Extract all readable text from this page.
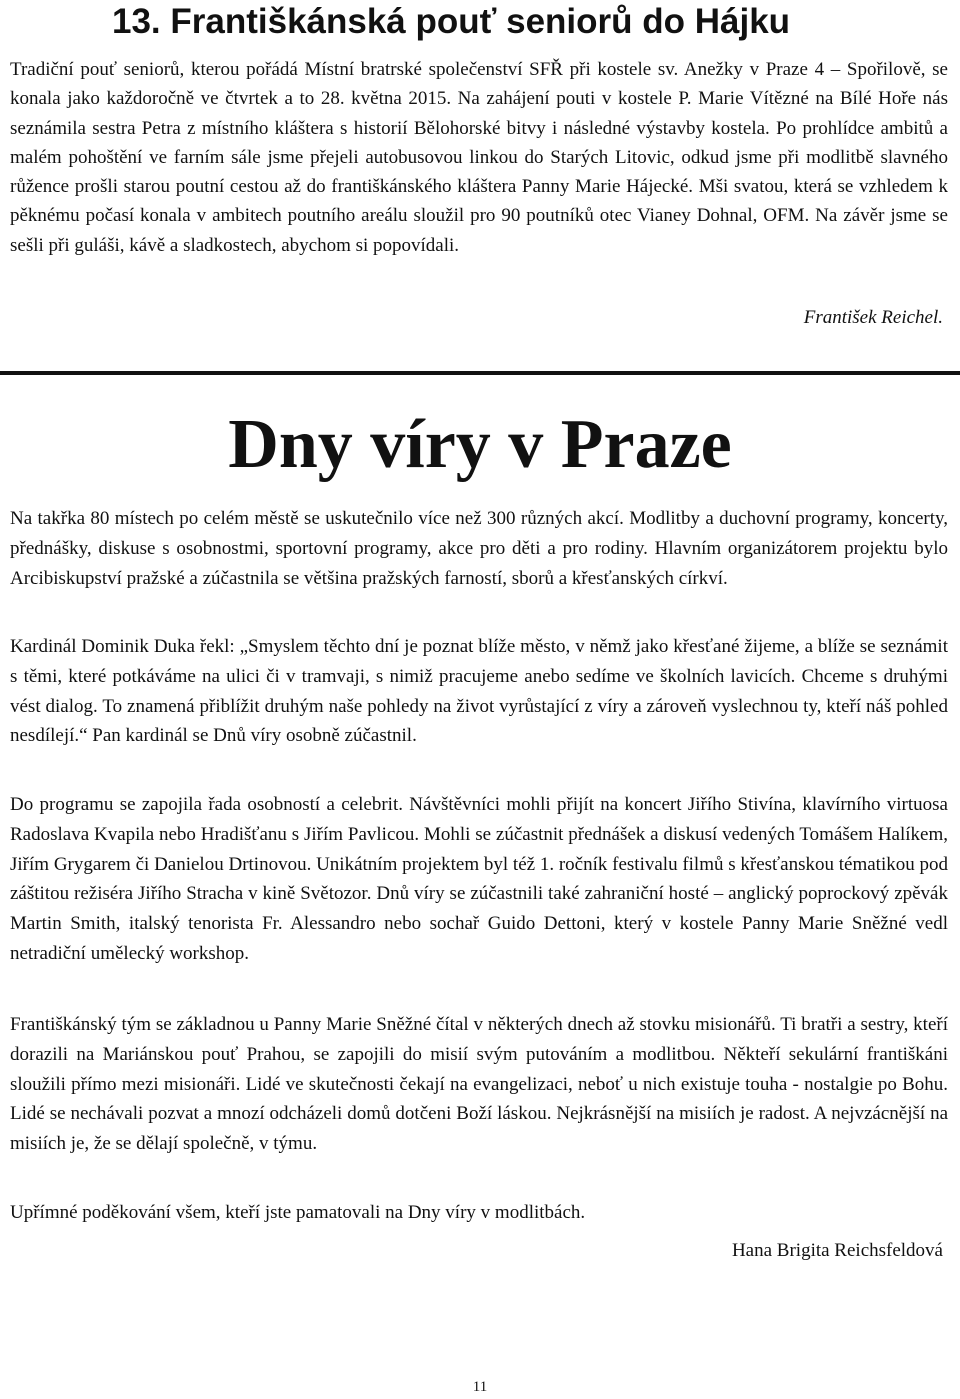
13. Františkánská pouť seniorů do Hájku

Tradiční pouť seniorů, kterou pořádá Místní bratrské společenství SFŘ při kostele sv. Anežky v Praze 4 – Spořilově, se konala jako každoročně ve čtvrtek a to 28. května 2015. Na zahájení pouti v kostele P. Marie Vítězné na Bílé Hoře nás seznámila sestra Petra z místního kláštera s historií Bělohorské bitvy i následné výstavby kostela. Po prohlídce ambitů a malém pohoštění ve farním sále jsme přejeli autobusovou linkou do Starých Litovic, odkud jsme při modlitbě slavného růžence prošli starou poutní cestou až do františkánského kláštera Panny Marie Hájecké. Mši svatou, která se vzhledem k pěknému počasí konala v ambitech poutního areálu sloužil pro 90 poutníků otec Vianey Dohnal, OFM. Na závěr jsme se sešli při guláši, kávě a sladkostech, abychom si popovídali.

František Reichel.

Dny víry v Praze

Na takřka 80 místech po celém městě se uskutečnilo více než 300 různých akcí. Modlitby a duchovní programy, koncerty, přednášky, diskuse s osobnostmi, sportovní programy, akce pro děti a pro rodiny. Hlavním organizátorem projektu bylo Arcibiskupství pražské a zúčastnila se většina pražských farností, sborů a křesťanských církví.

Kardinál Dominik Duka řekl: „Smyslem těchto dní je poznat blíže město, v němž jako křesťané žijeme, a blíže se seznámit s těmi, které potkáváme na ulici či v tramvaji, s nimiž pracujeme anebo sedíme ve školních lavicích. Chceme s druhými vést dialog. To znamená přiblížit druhým naše pohledy na život vyrůstající z víry a zároveň vyslechnou ty, kteří náš pohled nesdílejí.“ Pan kardinál se Dnů víry osobně zúčastnil.

Do programu se zapojila řada osobností a celebrit. Návštěvníci mohli přijít na koncert Jiřího Stivína, klavírního virtuosa Radoslava Kvapila nebo Hradišťanu s Jiřím Pavlicou. Mohli se zúčastnit přednášek a diskusí vedených Tomášem Halíkem, Jiřím Grygarem či Danielou Drtinovou. Unikátním projektem byl též 1. ročník festivalu filmů s křesťanskou tématikou pod záštitou režiséra Jiřího Stracha v kině Světozor. Dnů víry se zúčastnili také zahraniční hosté – anglický poprockový zpěvák Martin Smith, italský tenorista Fr. Alessandro nebo sochař Guido Dettoni, který v kostele Panny Marie Sněžné vedl netradiční umělecký workshop.

Františkánský tým se základnou u Panny Marie Sněžné čítal v některých dnech až stovku misionářů. Ti bratři a sestry, kteří dorazili na Mariánskou pouť Prahou, se zapojili do misií svým putováním a modlitbou. Někteří sekulární františkáni sloužili přímo mezi misionáři. Lidé ve skutečnosti čekají na evangelizaci, neboť u nich existuje touha - nostalgie po Bohu. Lidé se nechávali pozvat a mnozí odcházeli domů dotčeni Boží láskou. Nejkrásnější na misiích je radost. A nejvzácnější na misiích je, že se dělají společně, v týmu.

Upřímné poděkování všem, kteří jste pamatovali na Dny víry v modlitbách.

Hana Brigita Reichsfeldová

11
